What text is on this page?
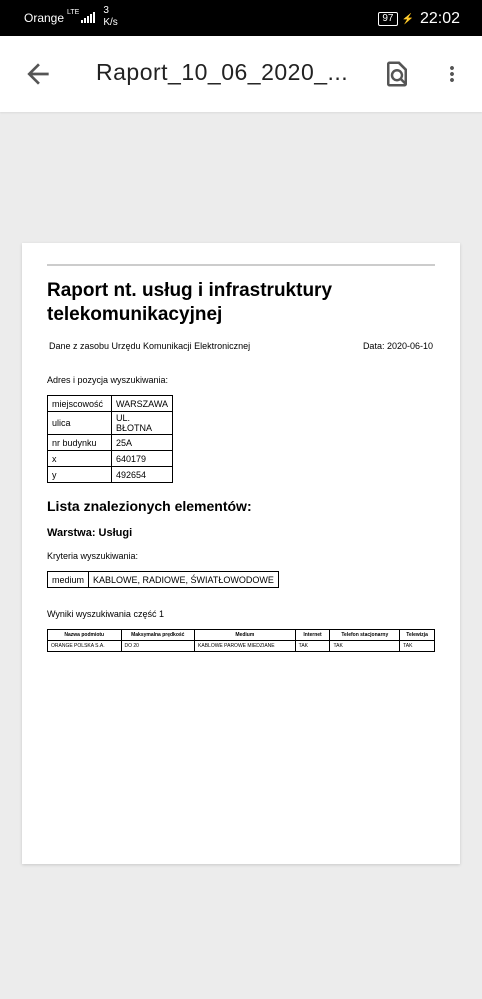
Orange LTE 3
K/s	97 ⚡ 22:02
Raport_10_06_2020_...
Raport nt. usług i infrastruktury telekomunikacyjnej
Dane z zasobu Urzędu Komunikacji Elektronicznej	Data: 2020-06-10
Adres i pozycja wyszukiwania:
miejscowość	WARSZAWA
ulica	UL. BŁOTNA
nr budynku	25A
x	640179
y	492654
Lista znalezionych elementów:
Warstwa: Usługi
Kryteria wyszukiwania:
medium	KABLOWE, RADIOWE, ŚWIATŁOWODOWE
Wyniki wyszukiwania część 1
Nazwa podmiotu	Maksymalna prędkość	Medium	Internet	Telefon stacjonarny	Telewizja
ORANGE POLSKA S.A.	DO 20	KABLOWE PAROWE MIEDZIANE	TAK	TAK	TAK
